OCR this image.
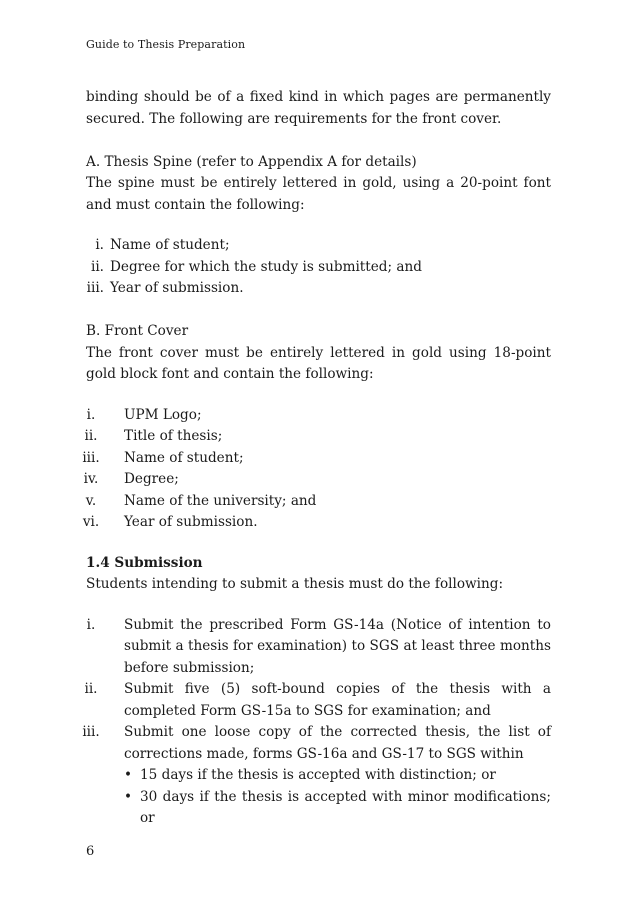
Guide to Thesis Preparation

binding should be of a fixed kind in which pages are permanently

secured. The following are requirements for the front cover.

A. Thesis Spine (refer to Appendix A for details)

The spine must be entirely lettered in gold, using a 20-point font and must contain the following:

i. Name of student;
ii. Degree for which the study is submitted; and
iii. Year of submission.

B. Front Cover

The front cover must be entirely lettered in gold using 18-point gold block font and contain the following:

i.	UPM Logo;
ii.	Title of thesis;
iii.	Name of student;
iv.	Degree;
v.	Name of the university; and
vi.	Year of submission.

1.4 Submission

Students intending to submit a thesis must do the following:

i.	Submit the prescribed Form GS-14a (Notice of intention to submit a thesis for examination) to SGS at least three months before submission;
ii.	Submit five (5) soft-bound copies of the thesis with a completed Form GS-15a to SGS for examination; and
iii.	Submit one loose copy of the corrected thesis, the list of corrections made, forms GS-16a and GS-17 to SGS within
• 15 days if the thesis is accepted with distinction; or
• 30 days if the thesis is accepted with minor modifications; or
6
